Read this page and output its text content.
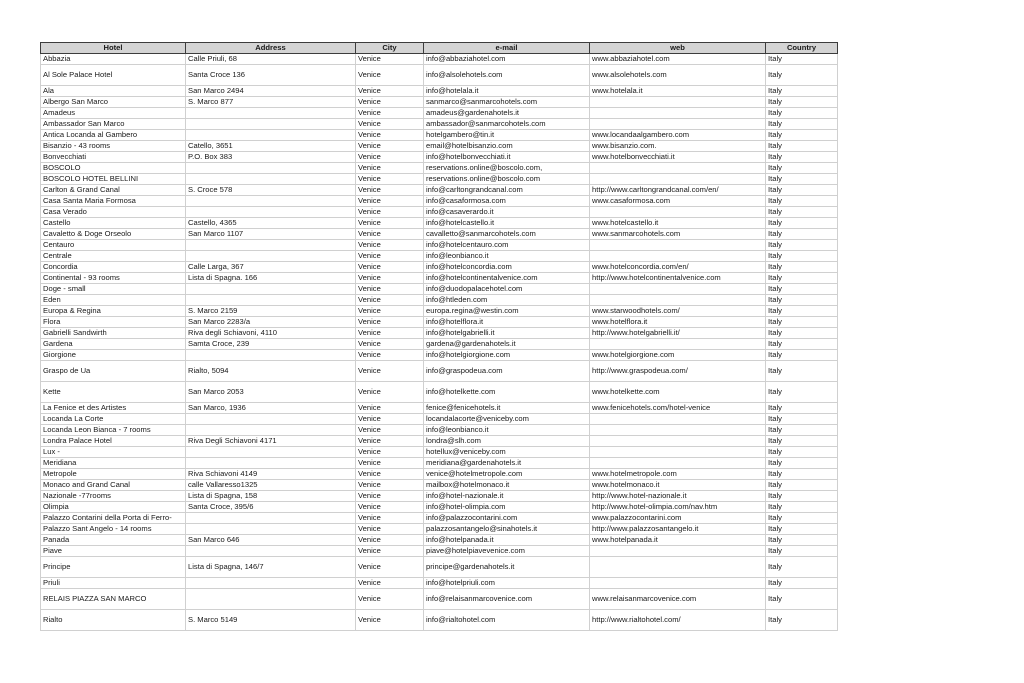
Hotel	Address	City	e-mail	web	Country
Abbazia	Calle Priuli, 68	Venice	info@abbaziahotel.com	www.abbaziahotel.com	Italy
Al Sole Palace Hotel	Santa Croce 136	Venice	info@alsolehotels.com	www.alsolehotels.com	Italy
Ala	San Marco 2494	Venice	info@hotelala.it	www.hotelala.it	Italy
Albergo San Marco	S. Marco 877	Venice	sanmarco@sanmarcohotels.com		Italy
Amadeus		Venice	amadeus@gardenahotels.it		Italy
Ambassador San Marco		Venice	ambassador@sanmarcohotels.com		Italy
Antica Locanda al Gambero		Venice	hotelgambero@tin.it	www.locandaalgambero.com	Italy
Bisanzio - 43 rooms	Catello, 3651	Venice	email@hotelbisanzio.com	www.bisanzio.com.	Italy
Bonvecchiati	P.O. Box 383	Venice	info@hotelbonvecchiati.it	www.hotelbonvecchiati.it	Italy
BOSCOLO		Venice	reservations.online@boscolo.com,		Italy
BOSCOLO HOTEL BELLINI		Venice	reservations.online@boscolo.com		Italy
Carlton & Grand Canal	S. Croce 578	Venice	info@carltongrandcanal.com	http://www.carltongrandcanal.com/en/	Italy
Casa Santa Maria Formosa		Venice	info@casaformosa.com	www.casaformosa.com	Italy
Casa Verado		Venice	info@casaverardo.it		Italy
Castello	Castello, 4365	Venice	info@hotelcastello.it	www.hotelcastello.it	Italy
Cavaletto & Doge Orseolo	San Marco 1107	Venice	cavalletto@sanmarcohotels.com	www.sanmarcohotels.com	Italy
Centauro		Venice	info@hotelcentauro.com		Italy
Centrale		Venice	info@leonbianco.it		Italy
Concordia	Calle Larga, 367	Venice	info@hotelconcordia.com	www.hotelconcordia.com/en/	Italy
Continental - 93 rooms	Lista di Spagna. 166	Venice	info@hotelcontinentalvenice.com	http://www.hotelcontinentalvenice.com	Italy
Doge - small		Venice	info@duodopalacehotel.com		Italy
Eden		Venice	info@htleden.com		Italy
Europa & Regina	S. Marco 2159	Venice	europa.regina@westin.com	www.starwoodhotels.com/	Italy
Flora	San Marco 2283/a	Venice	info@hotelflora.it	www.hotelflora.it	Italy
Gabrielli Sandwirth	Riva degli Schiavoni, 4110	Venice	info@hotelgabrielli.it	http://www.hotelgabrielli.it/	Italy
Gardena	Samta Croce, 239	Venice	gardena@gardenahotels.it		Italy
Giorgione		Venice	info@hotelgiorgione.com	www.hotelgiorgione.com	Italy
Graspo de Ua	Rialto, 5094	Venice	info@graspodeua.com	http://www.graspodeua.com/	Italy
Kette	San Marco 2053	Venice	info@hotelkette.com	www.hotelkette.com	Italy
La Fenice et des Artistes	San Marco, 1936	Venice	fenice@fenicehotels.it	www.fenicehotels.com/hotel-venice	Italy
Locanda La Corte		Venice	locandalacorte@veniceby.com		Italy
Locanda Leon Bianca - 7 rooms		Venice	info@leonbianco.it		Italy
Londra Palace Hotel	Riva Degli Schiavoni 4171	Venice	londra@slh.com		Italy
Lux -		Venice	hotellux@veniceby.com		Italy
Meridiana		Venice	meridiana@gardenahotels.it		Italy
Metropole	Riva Schiavoni 4149	Venice	venice@hotelmetropole.com	www.hotelmetropole.com	Italy
Monaco and Grand Canal	calle Vallaresso1325	Venice	mailbox@hotelmonaco.it	www.hotelmonaco.it	Italy
Nazionale -77rooms	Lista di Spagna, 158	Venice	info@hotel-nazionale.it	http://www.hotel-nazionale.it	Italy
Olimpia	Santa Croce, 395/6	Venice	info@hotel-olimpia.com	http://www.hotel-olimpia.com/nav.htm	Italy
Palazzo Contarini della Porta di Ferro-		Venice	info@palazzocontarini.com	www.palazzocontarini.com	Italy
Palazzo Sant Angelo - 14 rooms		Venice	palazzosantangelo@sinahotels.it	http://www.palazzosantangelo.it	Italy
Panada	San Marco 646	Venice	info@hotelpanada.it	www.hotelpanada.it	Italy
Piave		Venice	piave@hotelpiavevenice.com		Italy
Principe	Lista di Spagna, 146/7	Venice	principe@gardenahotels.it		Italy
Priuli		Venice	info@hotelpriuli.com		Italy
RELAIS PIAZZA SAN MARCO		Venice	info@relaisanmarcovenice.com	www.relaisanmarcovenice.com	Italy
Rialto	S. Marco 5149	Venice	info@rialtohotel.com	http://www.rialtohotel.com/	Italy
